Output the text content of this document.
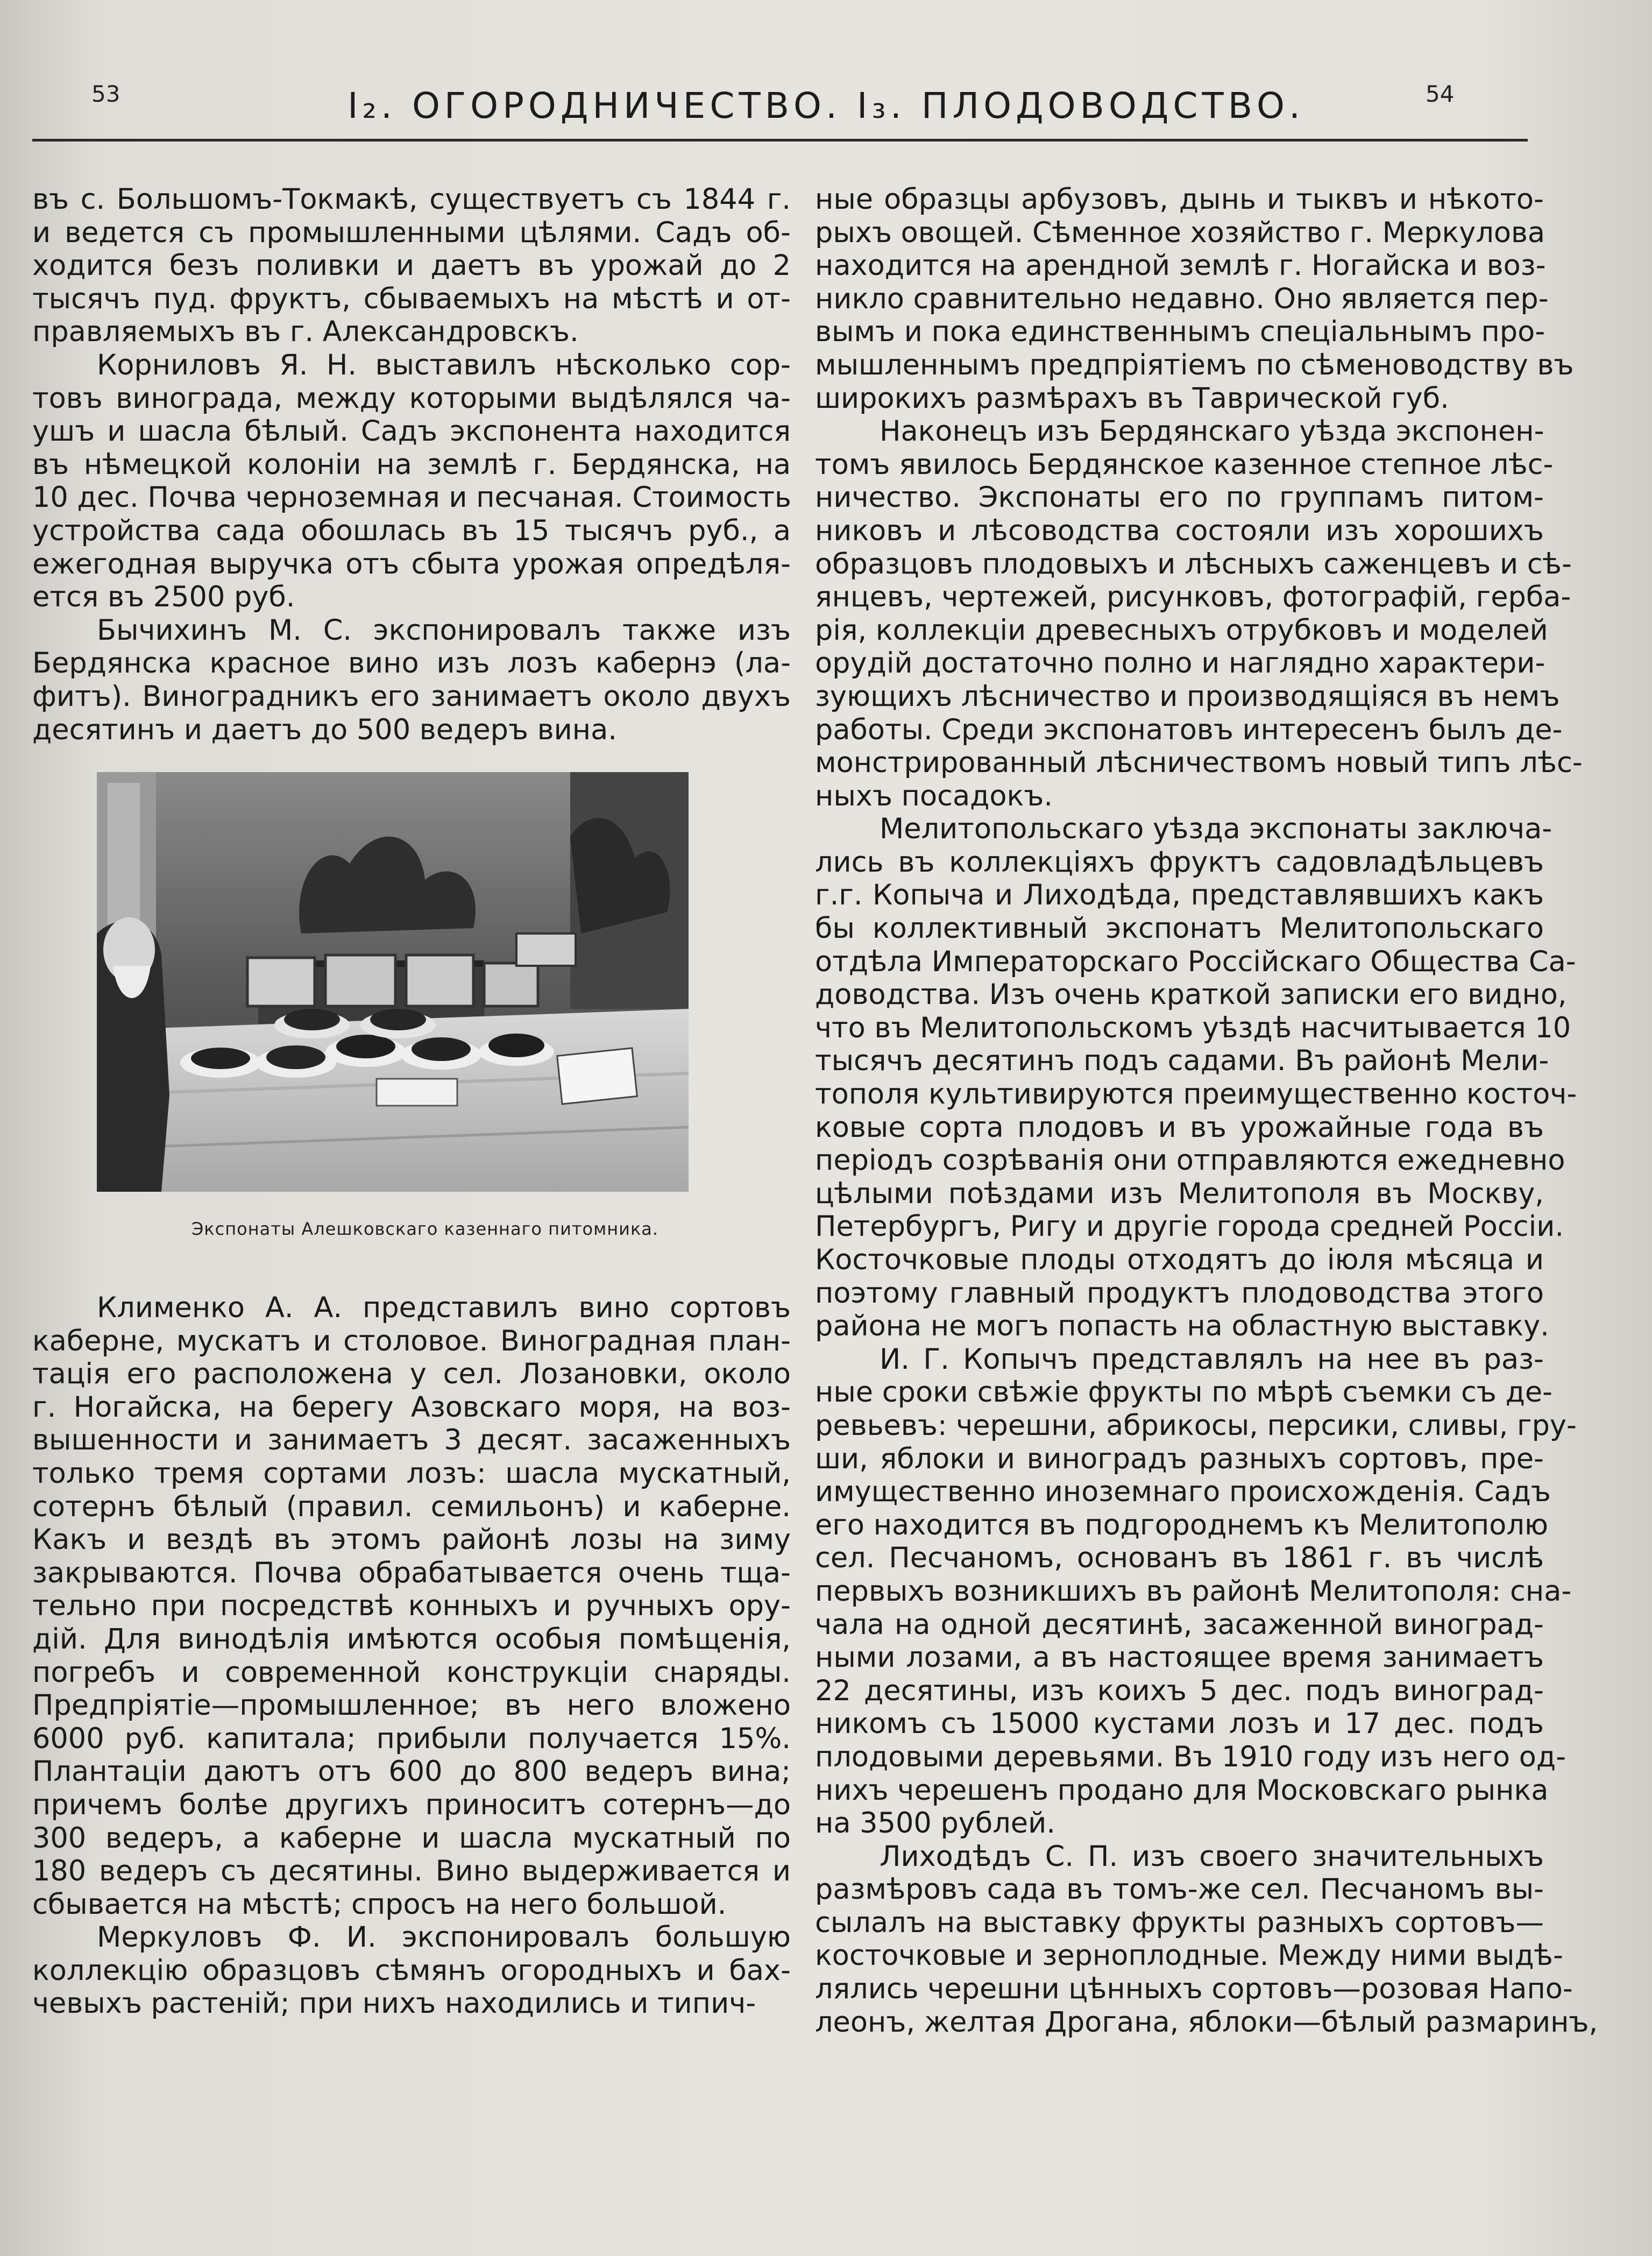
53	I₂. ОГОРОДНИЧЕСТВО. I₃. ПЛОДОВОДСТВО.	54
въ с. Большомъ-Токмакѣ, существуетъ съ 1844 г.
и ведется съ промышленными цѣлями. Садъ об-
ходится безъ поливки и даетъ въ урожай до 2
тысячъ пуд. фруктъ, сбываемыхъ на мѣстѣ и от-
правляемыхъ въ г. Александровскъ.
Корниловъ Я. Н. выставилъ нѣсколько сор-
товъ винограда, между которыми выдѣлялся ча-
ушъ и шасла бѣлый. Садъ экспонента находится
въ нѣмецкой колоніи на землѣ г. Бердянска, на
10 дес. Почва черноземная и песчаная. Стоимость
устройства сада обошлась въ 15 тысячъ руб., а
ежегодная выручка отъ сбыта урожая опредѣля-
ется въ 2500 руб.
Бычихинъ М. С. экспонировалъ также изъ
Бердянска красное вино изъ лозъ кабернэ (ла-
фитъ). Виноградникъ его занимаетъ около двухъ
десятинъ и даетъ до 500 ведеръ вина.
Экспонаты Алешковскаго казеннаго питомника.
Клименко А. А. представилъ вино сортовъ
каберне, мускатъ и столовое. Виноградная план-
тація его расположена у сел. Лозановки, около
г. Ногайска, на берегу Азовскаго моря, на воз-
вышенности и занимаетъ 3 десят. засаженныхъ
только тремя сортами лозъ: шасла мускатный,
сотернъ бѣлый (правил. семильонъ) и каберне.
Какъ и вездѣ въ этомъ районѣ лозы на зиму
закрываются. Почва обрабатывается очень тща-
тельно при посредствѣ конныхъ и ручныхъ ору-
дій. Для винодѣлія имѣются особыя помѣщенія,
погребъ и современной конструкціи снаряды.
Предпріятіе—промышленное; въ него вложено
6000 руб. капитала; прибыли получается 15%.
Плантаціи даютъ отъ 600 до 800 ведеръ вина;
причемъ болѣе другихъ приноситъ сотернъ—до
300 ведеръ, а каберне и шасла мускатный по
180 ведеръ съ десятины. Вино выдерживается и
сбывается на мѣстѣ; спросъ на него большой.
Меркуловъ Ф. И. экспонировалъ большую
коллекцію образцовъ сѣмянъ огородныхъ и бах-
чевыхъ растеній; при нихъ находились и типич-
ные образцы арбузовъ, дынь и тыквъ и нѣкото-
рыхъ овощей. Сѣменное хозяйство г. Меркулова
находится на арендной землѣ г. Ногайска и воз-
никло сравнительно недавно. Оно является пер-
вымъ и пока единственнымъ спеціальнымъ про-
мышленнымъ предпріятіемъ по сѣменоводству въ
широкихъ размѣрахъ въ Таврической губ.
Наконецъ изъ Бердянскаго уѣзда экспонен-
томъ явилось Бердянское казенное степное лѣс-
ничество. Экспонаты его по группамъ питом-
никовъ и лѣсоводства состояли изъ хорошихъ
образцовъ плодовыхъ и лѣсныхъ саженцевъ и сѣ-
янцевъ, чертежей, рисунковъ, фотографій, герба-
рія, коллекціи древесныхъ отрубковъ и моделей
орудій достаточно полно и наглядно характери-
зующихъ лѣсничество и производящіяся въ немъ
работы. Среди экспонатовъ интересенъ былъ де-
монстрированный лѣсничествомъ новый типъ лѣс-
ныхъ посадокъ.
Мелитопольскаго уѣзда экспонаты заключа-
лись въ коллекціяхъ фруктъ садовладѣльцевъ
г.г. Копыча и Лиходѣда, представлявшихъ какъ
бы коллективный экспонатъ Мелитопольскаго
отдѣла Императорскаго Россійскаго Общества Са-
доводства. Изъ очень краткой записки его видно,
что въ Мелитопольскомъ уѣздѣ насчитывается 10
тысячъ десятинъ подъ садами. Въ районѣ Мели-
тополя культивируются преимущественно косточ-
ковые сорта плодовъ и въ урожайные года въ
періодъ созрѣванія они отправляются ежедневно
цѣлыми поѣздами изъ Мелитополя въ Москву,
Петербургъ, Ригу и другіе города средней Россіи.
Косточковые плоды отходятъ до іюля мѣсяца и
поэтому главный продуктъ плодоводства этого
района не могъ попасть на областную выставку.
И. Г. Копычъ представлялъ на нее въ раз-
ные сроки свѣжіе фрукты по мѣрѣ съемки съ де-
ревьевъ: черешни, абрикосы, персики, сливы, гру-
ши, яблоки и виноградъ разныхъ сортовъ, пре-
имущественно иноземнаго происхожденія. Садъ
его находится въ подгороднемъ къ Мелитополю
сел. Песчаномъ, основанъ въ 1861 г. въ числѣ
первыхъ возникшихъ въ районѣ Мелитополя: сна-
чала на одной десятинѣ, засаженной виноград-
ными лозами, а въ настоящее время занимаетъ
22 десятины, изъ коихъ 5 дес. подъ виноград-
никомъ съ 15000 кустами лозъ и 17 дес. подъ
плодовыми деревьями. Въ 1910 году изъ него од-
нихъ черешенъ продано для Московскаго рынка
на 3500 рублей.
Лиходѣдъ С. П. изъ своего значительныхъ
размѣровъ сада въ томъ-же сел. Песчаномъ вы-
сылалъ на выставку фрукты разныхъ сортовъ—
косточковые и зерноплодные. Между ними выдѣ-
лялись черешни цѣнныхъ сортовъ—розовая Напо-
леонъ, желтая Дрогана, яблоки—бѣлый размаринъ,
